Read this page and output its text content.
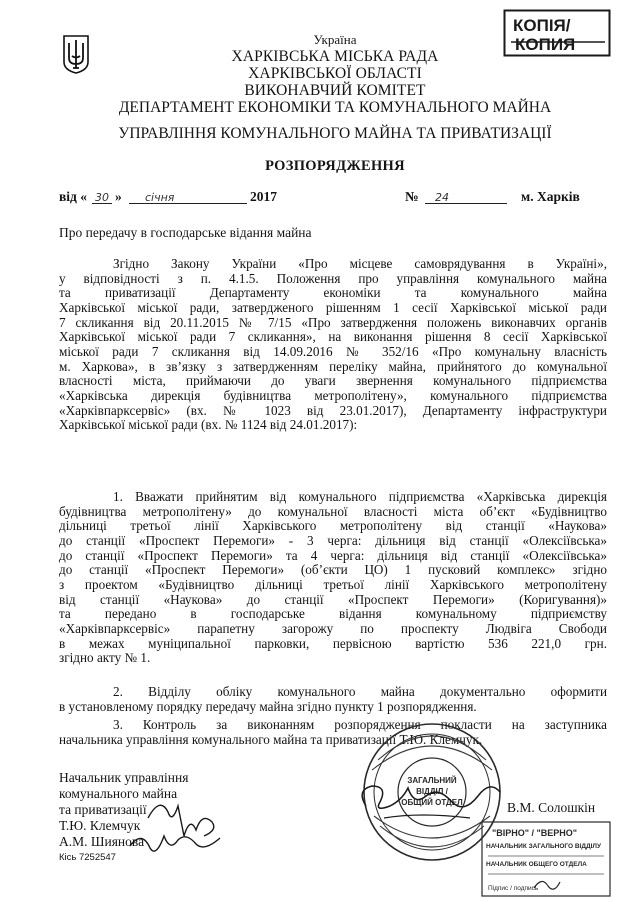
Україна
ХАРКІВСЬКА МІСЬКА РАДА
ХАРКІВСЬКОЇ ОБЛАСТІ
ВИКОНАВЧИЙ КОМІТЕТ
ДЕПАРТАМЕНТ ЕКОНОМІКИ ТА КОМУНАЛЬНОГО МАЙНА
УПРАВЛІННЯ КОМУНАЛЬНОГО МАЙНА ТА ПРИВАТИЗАЦІЇ
РОЗПОРЯДЖЕННЯ
КОПІЯ/
КОПИЯ
від « 30 »	січня	2017	№	24	м. Харків
Про передачу в господарське відання майна
Згідно Закону України «Про місцеве самоврядування в Україні»,
у відповідності з п. 4.1.5. Положення про управління комунального майна
та приватизації Департаменту економіки та комунального майна
Харківської міської ради, затвердженого рішенням 1 сесії Харківської міської ради
7 скликання від 20.11.2015 № 7/15 «Про затвердження положень виконавчих органів
Харківської міської ради 7 скликання», на виконання рішення 8 сесії Харківської
міської ради 7 скликання від 14.09.2016 № 352/16 «Про комунальну власність
м. Харкова», в зв’язку з затвердженням переліку майна, прийнятого до комунальної
власності міста, приймаючи до уваги звернення комунального підприємства
«Харківська дирекція будівництва метрополітену», комунального підприємства
«Харківпарксервіс» (вх. № 1023 від 23.01.2017), Департаменту інфраструктури
Харківської міської ради (вх. № 1124 від 24.01.2017):
1. Вважати прийнятим від комунального підприємства «Харківська дирекція
будівництва метрополітену» до комунальної власності міста об’єкт «Будівництво
дільниці третьої лінії Харківського метрополітену від станції «Наукова»
до станції «Проспект Перемоги» - 3 черга: дільниця від станції «Олексіївська»
до станції «Проспект Перемоги» та 4 черга: дільниця від станції «Олексіївська»
до станції «Проспект Перемоги» (об’єкти ЦО) 1 пусковий комплекс» згідно
з проектом «Будівництво дільниці третьої лінії Харківського метрополітену
від станції «Наукова» до станції «Проспект Перемоги» (Коригування)»
та передано в господарське відання комунальному підприємству
«Харківпарксервіс» парапетну загорожу по проспекту Людвіга Свободи
в межах муніципальної парковки, первісною вартістю 536 221,0 грн.
згідно акту № 1.
2. Відділу обліку комунального майна документально оформити
в установленому порядку передачу майна згідно пункту 1 розпорядження.
3. Контроль за виконанням розпорядження покласти на заступника
начальника управління комунального майна та приватизації Т.Ю. Клемчук.
Начальник управління
комунального майна
та приватизації
Т.Ю. Клемчук
А.М. Шиянова
Кісь 7252547
В.М. Солошкін
ЗАГАЛЬНИЙ
ВІДДІЛ /
ОБЩИЙ ОТДЕЛ
"ВІРНО" / "ВЕРНО"
НАЧАЛЬНИК ЗАГАЛЬНОГО ВІДДІЛУ
НАЧАЛЬНИК ОБЩЕГО ОТДЕЛА
Підпис / подпись
